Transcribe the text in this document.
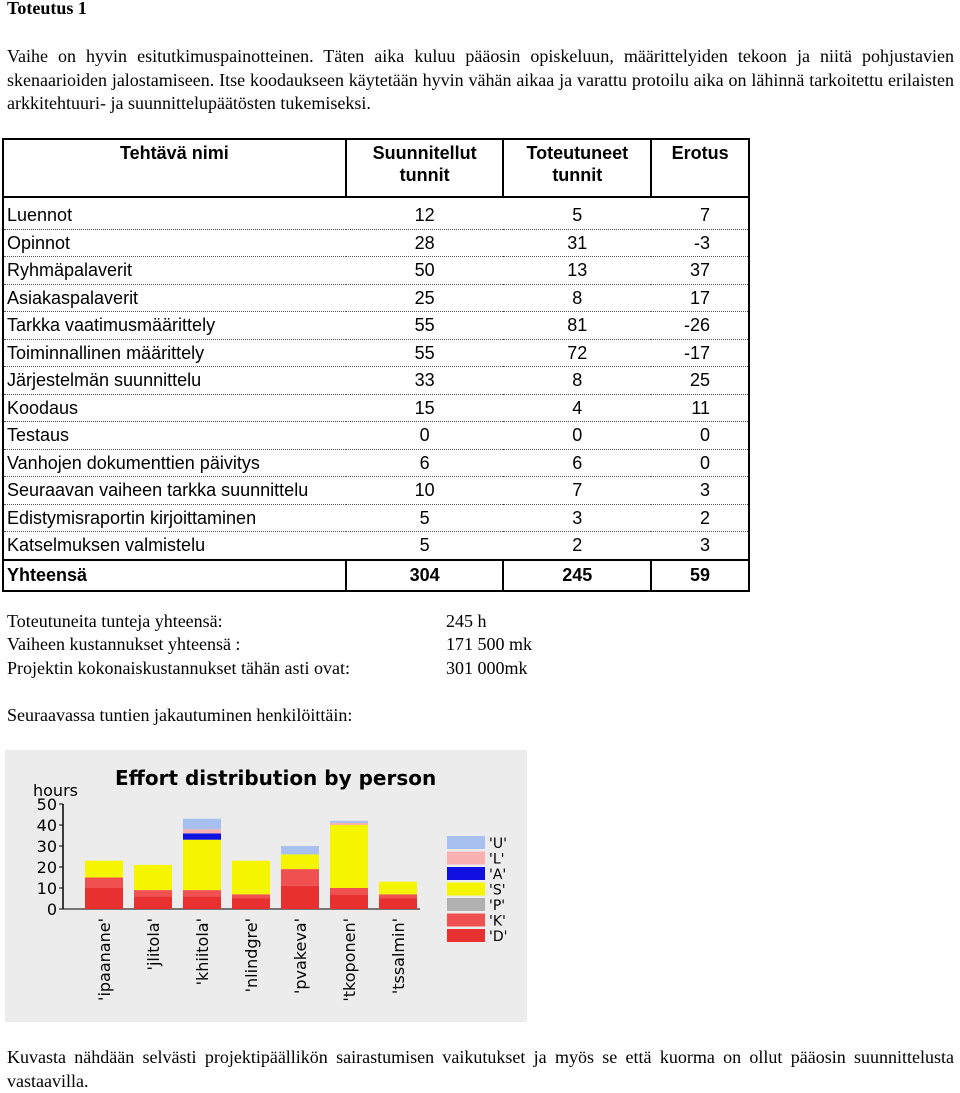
Toteutus 1

Vaihe on hyvin esitutkimuspainotteinen. Täten aika kuluu pääosin opiskeluun, määrittelyiden tekoon ja niitä pohjustavien skenaarioiden jalostamiseen. Itse koodaukseen käytetään hyvin vähän aikaa ja varattu protoilu aika on lähinnä tarkoitettu erilaisten arkkitehtuuri- ja suunnittelupäätösten tukemiseksi.

Tehtävä nimi	Suunnitellut tunnit	Toteutuneet tunnit	Erotus
Luennot	12	5	7
Opinnot	28	31	-3
Ryhmäpalaverit	50	13	37
Asiakaspalaverit	25	8	17
Tarkka vaatimusmäärittely	55	81	-26
Toiminnallinen määrittely	55	72	-17
Järjestelmän suunnittelu	33	8	25
Koodaus	15	4	11
Testaus	0	0	0
Vanhojen dokumenttien päivitys	6	6	0
Seuraavan vaiheen tarkka suunnittelu	10	7	3
Edistymisraportin kirjoittaminen	5	3	2
Katselmuksen valmistelu	5	2	3
Yhteensä	304	245	59
Toteutuneita tunteja yhteensä:	245 h
Vaiheen kustannukset yhteensä :	171 500 mk
Projektin kokonaiskustannukset tähän asti ovat:	301 000mk
Seuraavassa tuntien jakautuminen henkilöittäin:
Effort distribution by person
hours
0
10
20
30
40
50
'ipaanane' 'jlitola' 'khiitola' 'nlindgre' 'pvakeva' 'tkoponen' 'tssalmin'
'U'
'L'
'A'
'S'
'P'
'K'
'D'

Kuvasta nähdään selvästi projektipäällikön sairastumisen vaikutukset ja myös se että kuorma on ollut pääosin suunnittelusta vastaavilla.
